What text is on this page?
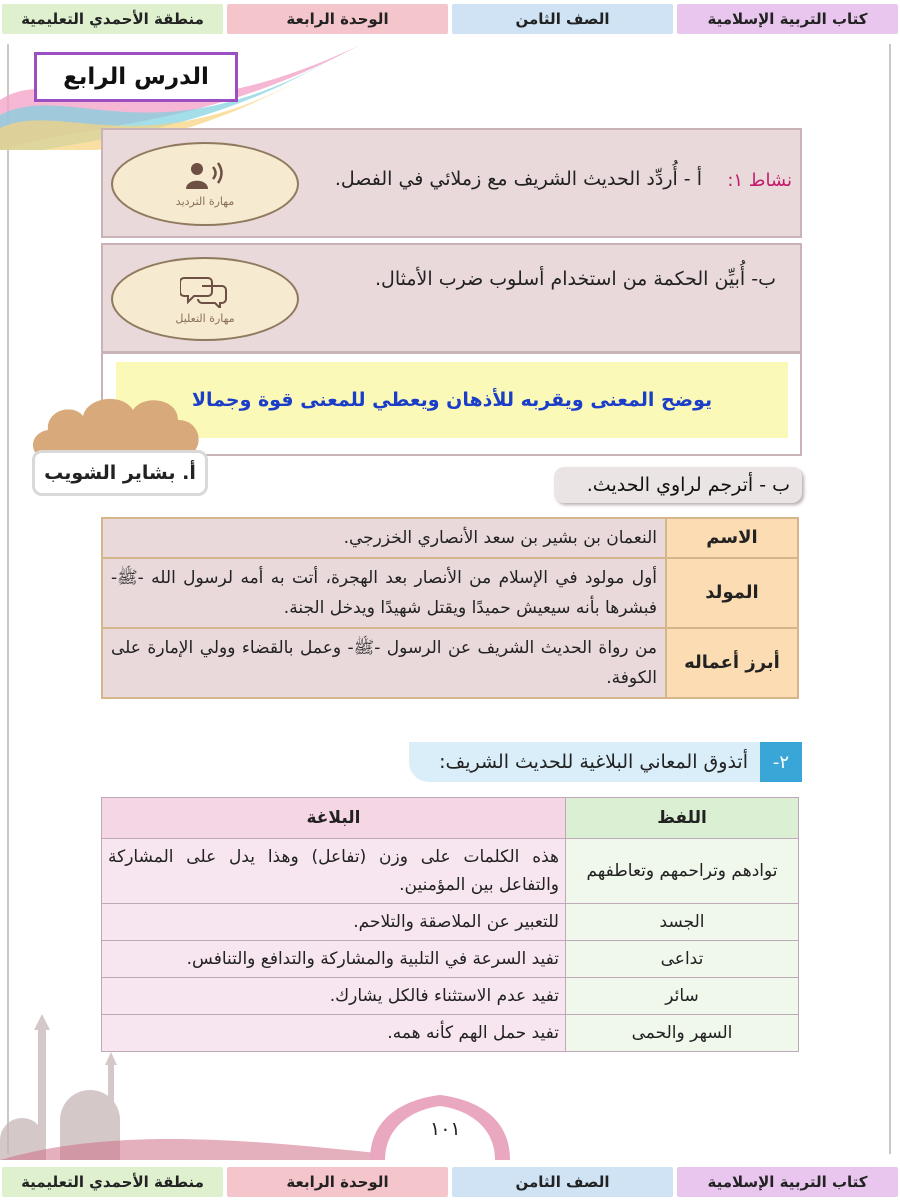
كتاب التربية الإسلامية
الصف الثامن
الوحدة الرابعة
منطقة الأحمدي التعليمية
الدرس الرابع
مهارة الترديد
نشاط ١:
أ - أُردِّد الحديث الشريف مع زملائي في الفصل.
مهارة التعليل
ب- أُبيِّن الحكمة من استخدام أسلوب ضرب الأمثال.
يوضح المعنى ويقربه للأذهان ويعطي للمعنى قوة وجمالا
أ. بشاير الشويب
ب - أترجم لراوي الحديث.
الاسم	النعمان بن بشير بن سعد الأنصاري الخزرجي.
المولد	أول مولود في الإسلام من الأنصار بعد الهجرة، أتت به أمه لرسول الله -ﷺ- فبشرها بأنه سيعيش حميدًا ويقتل شهيدًا ويدخل الجنة.
أبرز أعماله	من رواة الحديث الشريف عن الرسول -ﷺ- وعمل بالقضاء وولي الإمارة على الكوفة.
٢-
أتذوق المعاني البلاغية للحديث الشريف:
اللفظ	البلاغة
توادهم وتراحمهم وتعاطفهم	هذه الكلمات على وزن (تفاعل) وهذا يدل على المشاركة والتفاعل بين المؤمنين.
الجسد	للتعبير عن الملاصقة والتلاحم.
تداعى	تفيد السرعة في التلبية والمشاركة والتدافع والتنافس.
سائر	تفيد عدم الاستثناء فالكل يشارك.
السهر والحمى	تفيد حمل الهم كأنه همه.
١٠١
كتاب التربية الإسلامية
الصف الثامن
الوحدة الرابعة
منطقة الأحمدي التعليمية
